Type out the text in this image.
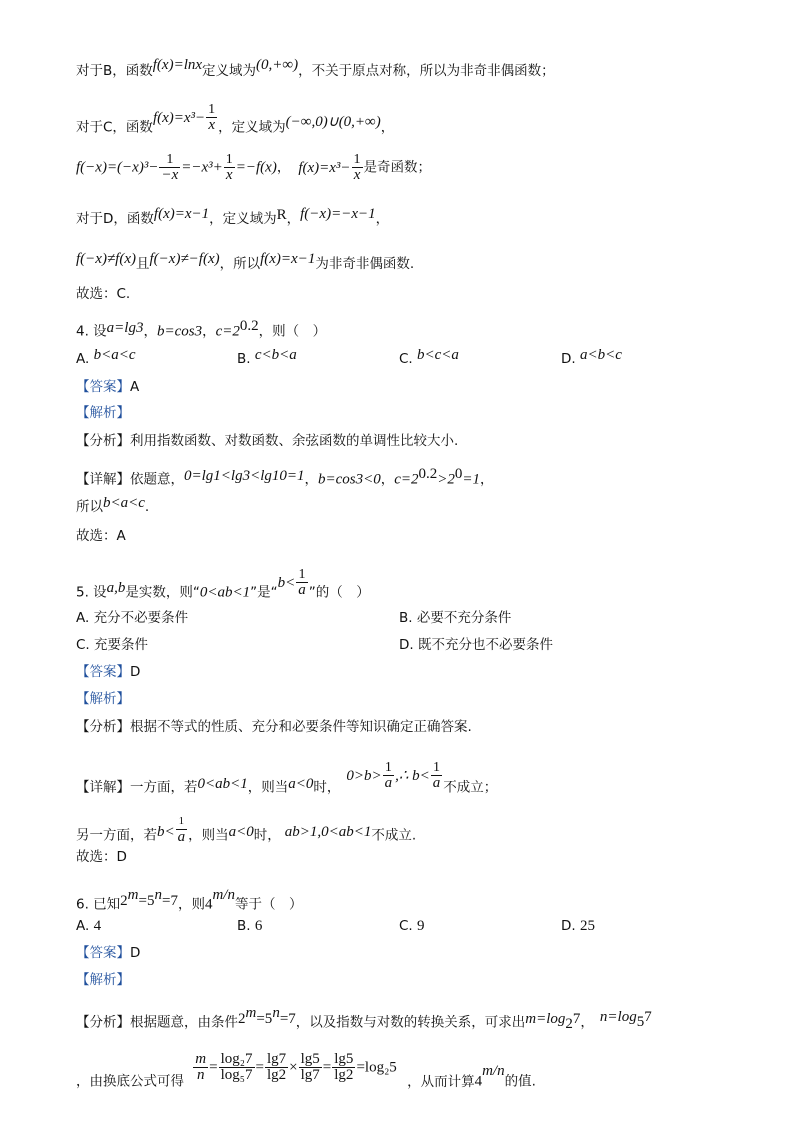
对于B，函数f(x)=lnx定义域为(0,+∞)，不关于原点对称，所以为非奇非偶函数；
对于C，函数$f(x)=x^3- \frac{1}{x}$ ，定义域为(−∞,0)∪(0,+∞)，
$f(-x)=(-x)^3- \frac{1}{-x} =-x^3+ \frac{1}{x} =-f(x)$， $f(x)=x^3- \frac{1}{x}$ 是奇函数；
对于D，函数f(x)=x−1，定义域为R，f(−x)=−x−1，
f(−x)≠f(x)且f(−x)≠−f(x)，所以f(x)=x−1为非奇非偶函数.
故选：C.
4. 设a=lg3，b=cos3，$c=2^{0.2}$，则（　）
A. b<a<c	B. c<b<a	C. b<c<a	D. a<b<c
【答案】A
【解析】
【分析】利用指数函数、对数函数、余弦函数的单调性比较大小.
【详解】依题意，0=lg1<lg3<lg10=1，b=cos3<0，$c=2^{0.2}>2^0=1$，
所以b<a<c.
故选：A
5. 设a,b是实数，则“0<ab<1”是“$b< \frac{1}{a}$ ”的（　）
A. 充分不必要条件	B. 必要不充分条件
C. 充要条件	D. 既不充分也不必要条件
【答案】D
【解析】
【分析】根据不等式的性质、充分和必要条件等知识确定正确答案.
【详解】一方面，若0<ab<1，则当a<0时，$0>b> \frac{1}{a}$ ,∴ $b< \frac{1}{a}$ 不成立；
另一方面，若$b< \frac{1}{a}$ ，则当a<0时， ab>1,0<ab<1不成立.
故选：D
6. 已知$2^m=5^n=7$，则$4^{m/n}$等于（　）
A. 4	B. 6	C. 9	D. 25
【答案】D
【解析】
【分析】根据题意，由条件$2^m=5^n=7$，以及指数与对数的转换关系，可求出$m=\log_27$， $n=\log_57$
，由换底公式可得 $\frac{m}{n} = \frac{\text{log₂7}}{\text{log₅7}} = \frac{\lg 7}{\lg 2} \times \frac{\lg 5}{\lg 7} = \frac{\lg 5}{\lg 2} =\log_25$ ，从而计算$4^{m/n}$的值.
